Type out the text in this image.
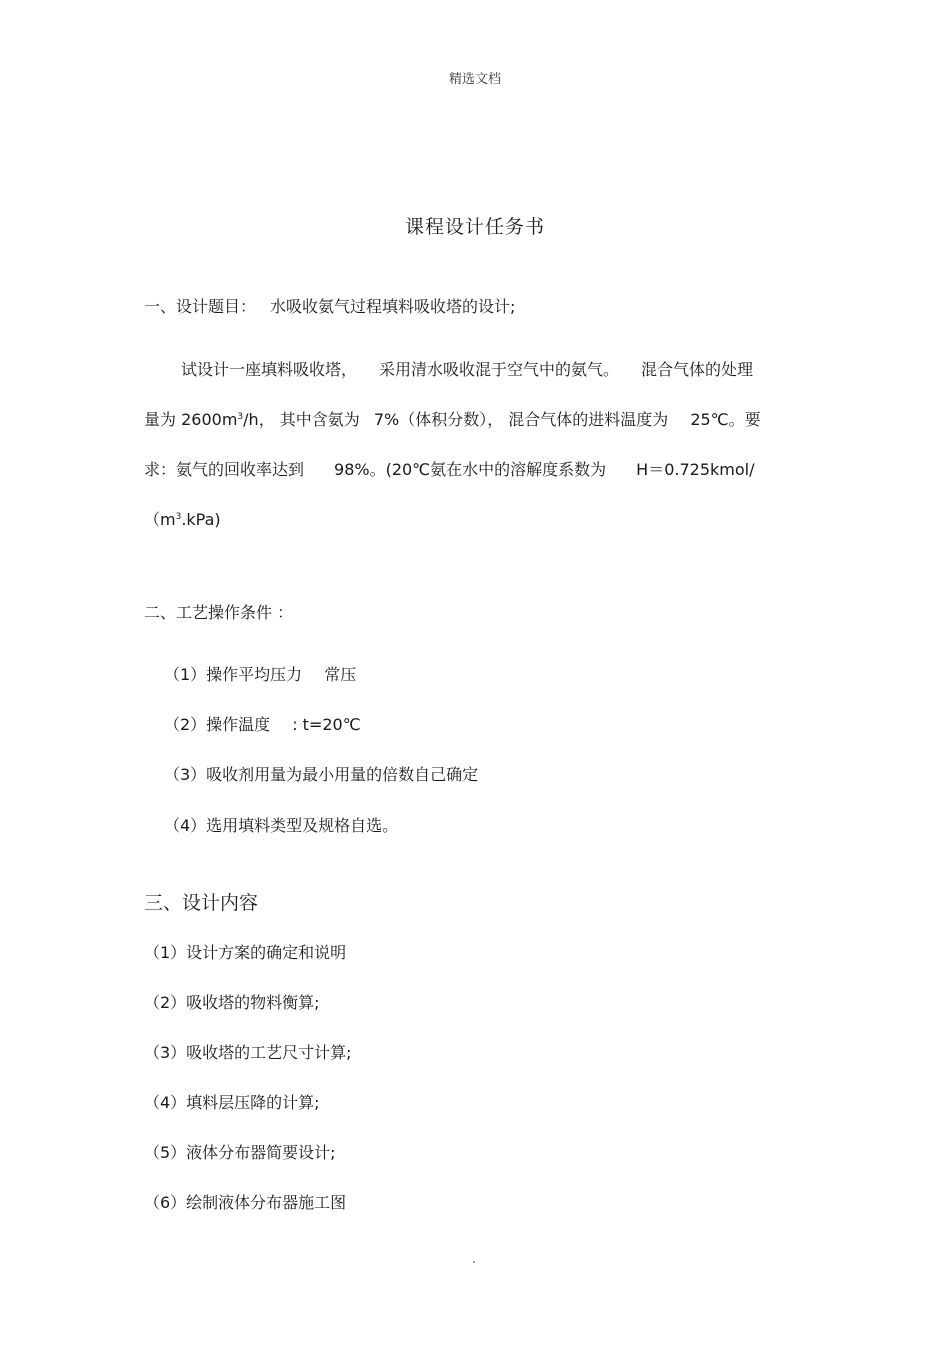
精选文档
课程设计任务书
一、设计题目： 水吸收氨气过程填料吸收塔的设计;
试设计一座填料吸收塔， 采用清水吸收混于空气中的氨气。 混合气体的处理
量为 $2600m^3/h$， 其中含氨为 7%（体积分数）， 混合气体的进料温度为 25℃。要
求：氨气的回收率达到 98%。(20℃氨在水中的溶解度系数为 H＝0.725kmol/
$(m^3.kPa)$
二、工艺操作条件 ：
（1）操作平均压力 常压
（2）操作温度 : t=20℃
（3）吸收剂用量为最小用量的倍数自己确定
（4）选用填料类型及规格自选。
三、设计内容
（1）设计方案的确定和说明
（2）吸收塔的物料衡算;
（3）吸收塔的工艺尺寸计算;
（4）填料层压降的计算;
（5）液体分布器简要设计;
（6）绘制液体分布器施工图
.
